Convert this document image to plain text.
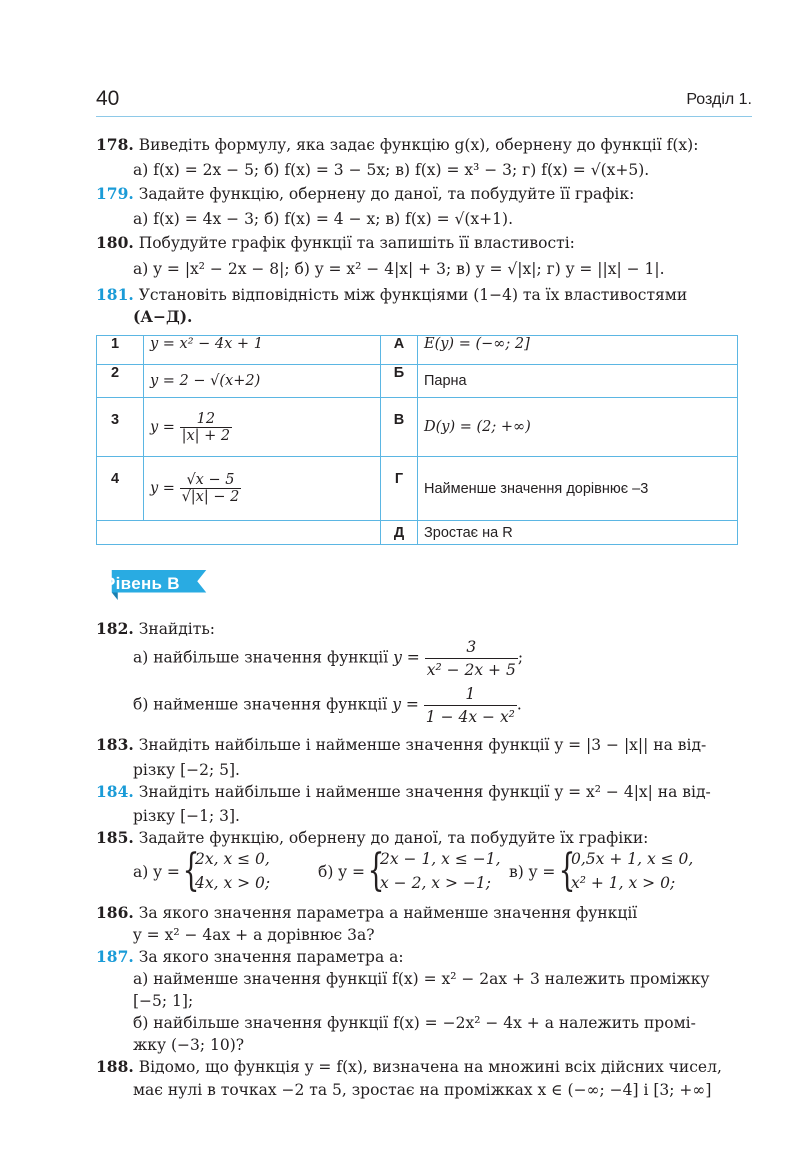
40	Розділ 1.
178. Виведіть формулу, яка задає функцію g(x), обернену до функції f(x):
а) f(x) = 2x − 5; б) f(x) = 3 − 5x; в) f(x) = x³ − 3; г) f(x) = √(x+5).
179. Задайте функцію, обернену до даної, та побудуйте її графік:
а) f(x) = 4x − 3; б) f(x) = 4 − x; в) f(x) = √(x+1).
180. Побудуйте графік функції та запишіть її властивості:
а) y = |x² − 2x − 8|; б) y = x² − 4|x| + 3; в) y = √|x|; г) y = ||x| − 1|.
181. Установіть відповідність між функціями (1−4) та їх властивостями
(А−Д).
1	y = x² − 4x + 1	А	E(y) = (−∞; 2]
2	y = 2 − √(x+2)	Б	Парна
3	$y = \frac{12}{|x| + 2}$	В	D(y) = (2; +∞)
4	$y = \frac{√x - 5}{√|x| - 2}$	Г	Найменше значення дорівнює –3
		Д	Зростає на R
Рівень В
182. Знайдіть:
а) найбільше значення функції $y = \frac{3}{\text{x² − 2x + 5}}$ ;
б) найменше значення функції $y = \frac{1}{\text{1 − 4x − x²}}$ .
183. Знайдіть найбільше і найменше значення функції y = |3 − |x|| на від-
різку [−2; 5].
184. Знайдіть найбільше і найменше значення функції y = x² − 4|x| на від-
різку [−1; 3].
185. Задайте функцію, обернену до даної, та побудуйте їх графіки:
а) y = {
2x, x ≤ 0,
4x, x > 0;
б) y = {
2x − 1, x ≤ −1,
x − 2, x > −1;
в) y = {
0,5x + 1, x ≤ 0,
x² + 1, x > 0;
186. За якого значення параметра a найменше значення функції
y = x² − 4ax + a дорівнює 3a?
187. За якого значення параметра a:
а) найменше значення функції f(x) = x² − 2ax + 3 належить проміжку
[−5; 1];
б) найбільше значення функції f(x) = −2x² − 4x + a належить промі-
жку (−3; 10)?
188. Відомо, що функція y = f(x), визначена на множині всіх дійсних чисел,
має нулі в точках −2 та 5, зростає на проміжках x ∈ (−∞; −4] і [3; +∞]
